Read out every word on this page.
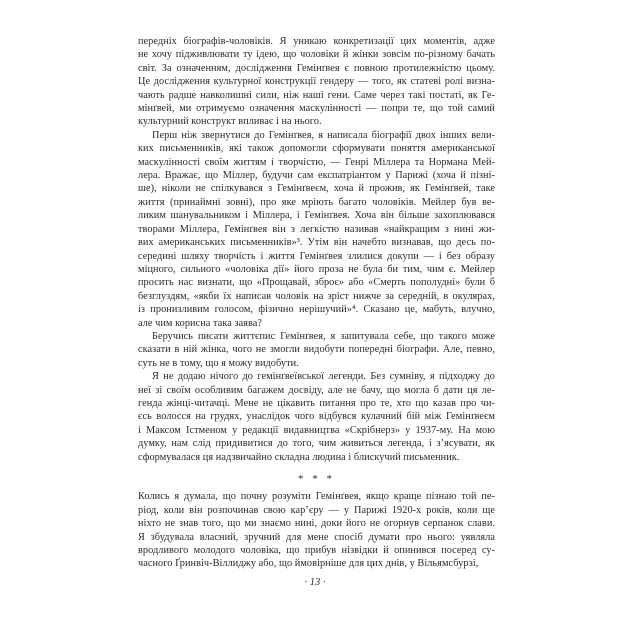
передніх біографів-чоловіків. Я уникаю конкретизації цих моментів, адже
не хочу підживлювати ту ідею, що чоловіки й жінки зовсім по-різному бачать
світ. За означенням, дослідження Гемінґвея є повною протилежністю цьому.
Це дослідження культурної конструкції гендеру — того, як статеві ролі визна-
чають радше навколишні сили, ніж наші гени. Саме через такі постаті, як Ге-
мінґвей, ми отримуємо означення маскулінності — попри те, що той самий
культурний конструкт впливає і на нього.
Перш ніж звернутися до Гемінґвея, я написала біографії двох інших вели-
ких письменників, які також допомогли сформувати поняття американської
маскулінності своїм життям і творчістю, — Генрі Міллера та Нормана Мей-
лера. Вражає, що Міллер, будучи сам експатріантом у Парижі (хоча й пізні-
ше), ніколи не спілкувався з Гемінґвеєм, хоча й прожив, як Гемінґвей, таке
життя (принаймні зовні), про яке мріють багато чоловіків. Мейлер був ве-
ликим шанувальником і Міллера, і Гемінґвея. Хоча він більше захоплювався
творами Міллера, Гемінґвея він з легкістю називав «найкращим з нині жи-
вих американських письменників»³. Утім він начебто визнавав, що десь по-
середині шляху творчість і життя Гемінґвея злилися докупи — і без образу
міцного, сильного «чоловіка дії» його проза не була би тим, чим є. Мейлер
просить нас визнати, що «Прощавай, зброє» або «Смерть пополудні» були б
безглуздям, «якби їх написав чоловік на зріст нижче за середній, в окулярах,
із пронизливим голосом, фізично нерішучий»⁴. Сказано це, мабуть, влучно,
але чим корисна така заява?
Беручись писати життєпис Гемінґвея, я запитувала себе, що такого може
сказати в ній жінка, чого не змогли видобути попередні біографи. Але, певно,
суть не в тому, що я можу видобути.
Я не додаю нічого до гемінґвеївської легенди. Без сумніву, я підходжу до
неї зі своїм особливим багажем досвіду, але не бачу, що могла б дати ця ле-
генда жінці-читачці. Мене не цікавить питання про те, хто що казав про чи-
єсь волосся на грудях, унаслідок чого відбувся кулачний бій між Гемінґвеєм
і Максом Істменом у редакції видавництва «Скрібнерз» у 1937-му. На мою
думку, нам слід придивитися до того, чим живиться легенда, і з’ясувати, як
сформувалася ця надзвичайно складна людина і блискучий письменник.
* * *
Колись я думала, що почну розуміти Гемінґвея, якщо краще пізнаю той пе-
ріод, коли він розпочинав свою кар’єру — у Парижі 1920-х років, коли ще
ніхто не знав того, що ми знаємо нині, доки його не огорнув серпанок слави.
Я збудувала власний, зручний для мене спосіб думати про нього: уявляла
вродливого молодого чоловіка, що прибув нізвідки й опинився посеред су-
часного Ґринвіч-Віллиджу або, що ймовірніше для цих днів, у Вільямсбурзі,
· 13 ·
